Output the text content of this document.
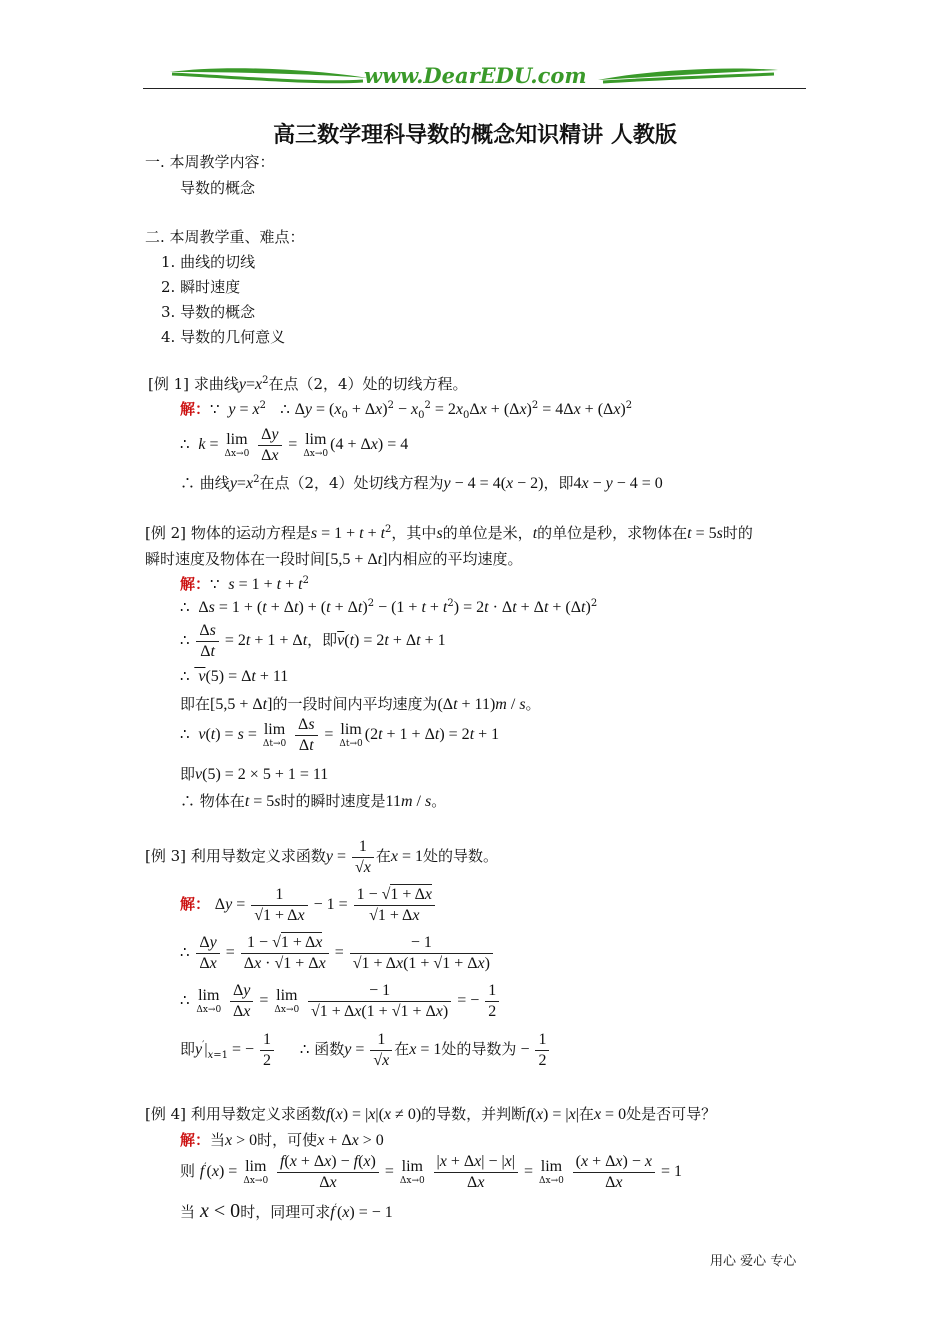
www.DearEDU.com
高三数学理科导数的概念知识精讲 人教版
一. 本周教学内容：
导数的概念
二. 本周教学重、难点：
1. 曲线的切线
2. 瞬时速度
3. 导数的概念
4. 导数的几何意义
[例 1] 求曲线$y=x^2$在点（2，4）处的切线方程。
解：∵  $y = x^2$ ∴ $\Delta y = (x_0 + \Delta x)^2 - x_0^2 = 2x_0\Delta x + (\Delta x)^2 = 4\Delta x + (\Delta x)^2$
∴  k = lim
Δx→0
$\frac{\Delta y}{\Delta x} = \lim$
Δx→0
(4 + Δx) = 4
∴ 曲线$y=x^2$在点（2，4）处切线方程为y − 4 = 4(x − 2)，即4x − y − 4 = 0
[例 2] 物体的运动方程是$s = 1 + t + t^2$，其中s的单位是米，t的单位是秒，求物体在t = 5s时的
瞬时速度及物体在一段时间[5,5 + Δt]内相应的平均速度。
解：∵  $s = 1 + t + t^2$
∴  $\Delta s = 1 + (t + \Delta t) + (t + \Delta t)^2 - (1 + t + t^2) = 2t \cdot \Delta t + \Delta t + (\Delta t)^2$
∴ $\frac{\Delta s}{\Delta t} = 2t + 1 + \Delta t$，即$\overline{v}(t) = 2t + \Delta t + 1$
∴  v(5) = Δt + 11
即在[5,5 + Δt]的一段时间内平均速度为(Δt + 11)m / s。
∴  v(t) = s = lim
Δt→0
$\frac{\Delta s}{\Delta t} = \lim$
Δt→0
(2t + 1 + Δt) = 2t + 1
即v(5) = 2 × 5 + 1 = 11
∴ 物体在t = 5s时的瞬时速度是11m / s。
[例 3] 利用导数定义求函数$y = \frac{1}{√x}$ 在x = 1处的导数。
解： $\Delta y = \frac{1}{√1 + \Delta x} - 1 = \frac{1 - √1 + \Delta x}{√1 + \Delta x}$
∴ $\frac{\Delta y}{\Delta x} = \frac{1 - √1 + \Delta x}{\Delta x \cdot √1 + \Delta x} = \frac{- 1}{√1 + \Delta x(1 + √1 + \Delta x)}$
∴ lim
Δx→0
$\frac{\Delta y}{\Delta x} = \lim$
Δx→0
$\frac{- 1}{√1 + \Delta x(1 + √1 + \Delta x)}$ = − $\frac{1}{2}$
即$y'|_{x=1}$ = − $\frac{1}{2}$ ∴ 函数$y = \frac{1}{√x}$ 在x = 1处的导数为 − $\frac{1}{2}$
[例 4] 利用导数定义求函数f(x) = |x|(x ≠ 0)的导数，并判断f(x) = |x|在x = 0处是否可导？
解：当x > 0时，可使x + Δx > 0
则 f′(x) = lim
Δx→0
$\frac{f(x + \Delta x) - f(x)}{\Delta x} = \lim$
Δx→0
$\frac{|x + \Delta x| - |x|}{\Delta x} = \lim$
Δx→0
$\frac{(x + \Delta x) - x}{\Delta x} = 1$
当 x < 0时，同理可求f′(x) = − 1
用心 爱心 专心
